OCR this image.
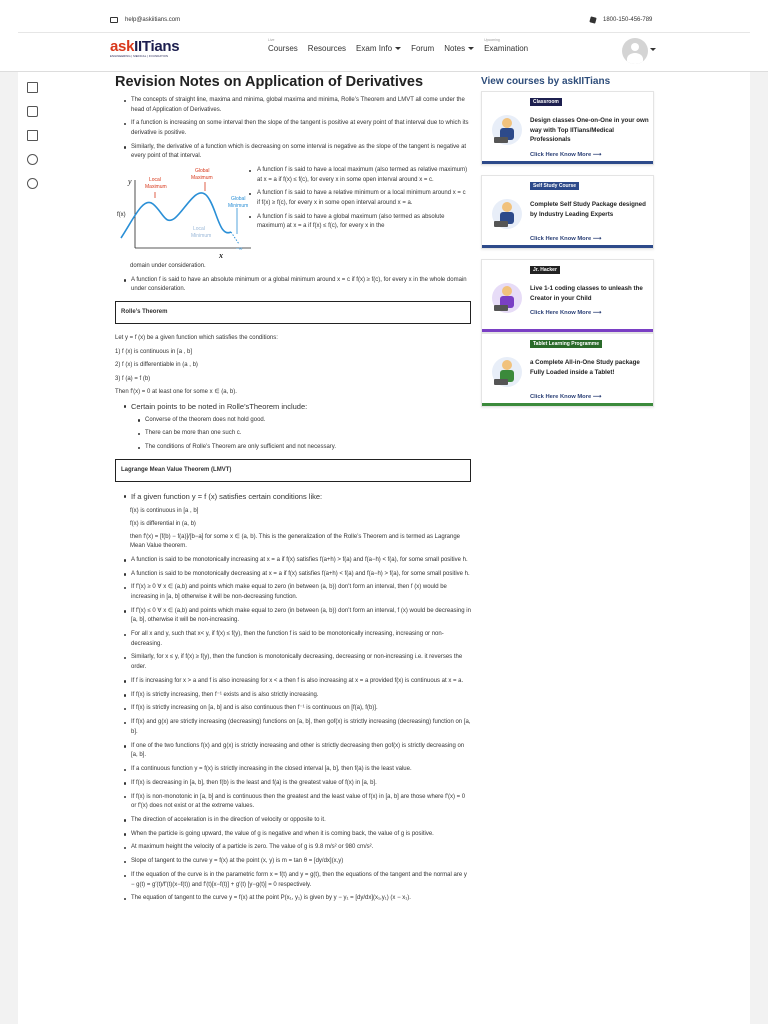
help@askiitians.com	1800-150-456-789
askIITians
ENGINEERING | MEDICAL | FOUNDATION
Live
Courses Resources Exam Info Forum Notes
Upcoming
Examination
Revision Notes on Application of Derivatives
The concepts of straight line, maxima and minima, global maxima and minima, Rolle’s Theorem and LMVT all come under the head of Application of Derivatives.
If a function is increasing on some interval then the slope of the tangent is positive at every point of that interval due to which its derivative is positive.
Similarly, the derivative of a function which is decreasing on some interval is negative as the slope of the tangent is negative at every point of that interval.
y
x
f(x)
Local Maximum
Global Maximum
Global Minimum
Local Minimum
−∞
A function f is said to have a local maximum (also termed as relative maximum) at x = a if f(x) ≤ f(c), for every x in some open interval around x = c.
A function f is said to have a relative minimum or a local minimum around x = c if f(x) ≥ f(c), for every x in some open interval around x = a.
A function f is said to have a global maximum (also termed as absolute maximum) at x = a if f(x) ≤ f(c), for every x in the

domain under consideration.

A function f is said to have an absolute minimum or a global minimum around x = c if f(x) ≥ f(c), for every x in the whole domain under consideration.
Rolle’s Theorem

Let y = f (x) be a given function which satisfies the conditions:

1) f (x) is continuous in [a , b]

2) f (x) is differentiable in (a , b)

3) f (a) = f (b)

Then f′(x) = 0 at least one for some x ∈ (a, b).

Certain points to be noted in Rolle’sTheorem include:
Converse of the theorem does not hold good.
There can be more than one such c.
The conditions of Rolle’s Theorem are only sufficient and not necessary.
Lagrange Mean Value Theorem (LMVT)
If a given function y = f (x) satisfies certain conditions like:

f(x) is continuous in [a , b]

f(x) is differential in (a, b)

then f′(x) = [f(b) − f(a)]/[b−a] for some x ∈ (a, b). This is the generalization of the Rolle’s Theorem and is termed as Lagrange Mean Value theorem.

A function is said to be monotonically increasing at x = a if f(x) satisfies f(a+h) > f(a) and f(a−h) < f(a), for some small positive h.
A function is said to be monotonically decreasing at x = a if f(x) satisfies f(a+h) < f(a) and f(a−h) > f(a), for some small positive h.
If f′(x) ≥ 0 ∀ x ∈ (a,b) and points which make equal to zero (in between (a, b)) don’t form an interval, then f (x) would be increasing in [a, b] otherwise it will be non-decreasing function.
If f′(x) ≤ 0 ∀ x ∈ (a,b) and points which make equal to zero (in between (a, b)) don’t form an interval, f (x) would be decreasing in [a, b], otherwise it will be non-increasing.
For all x and y, such that x< y, if f(x) ≤ f(y), then the function f is said to be monotonically increasing, increasing or non-decreasing.
Similarly, for x ≤ y, if f(x) ≥ f(y), then the function is monotonically decreasing, decreasing or non-increasing i.e. it reverses the order.
If f is increasing for x > a and f is also increasing for x < a then f is also increasing at x = a provided f(x) is continuous at x = a.
If f(x) is strictly increasing, then f⁻¹ exists and is also strictly increasing.
If f(x) is strictly increasing on [a, b] and is also continuous then f⁻¹ is continuous on [f(a), f(b)].
If f(x) and g(x) are strictly increasing (decreasing) functions on [a, b], then gof(x) is strictly increasing (decreasing) function on [a, b].
If one of the two functions f(x) and g(x) is strictly increasing and other is strictly decreasing then gof(x) is strictly decreasing on [a, b].
If a continuous function y = f(x) is strictly increasing in the closed interval [a, b], then f(a) is the least value.
If f(x) is decreasing in [a, b], then f(b) is the least and f(a) is the greatest value of f(x) in [a, b].
If f(x) is non-monotonic in [a, b] and is continuous then the greatest and the least value of f(x) in [a, b] are those where f′(x) = 0 or f′(x) does not exist or at the extreme values.
The direction of acceleration is in the direction of velocity or opposite to it.
When the particle is going upward, the value of g is negative and when it is coming back, the value of g is positive.
At maximum height the velocity of a particle is zero. The value of g is 9.8 m/s² or 980 cm/s².
Slope of tangent to the curve y = f(x) at the point (x, y) is m = tan θ = [dy/dx](x,y)
If the equation of the curve is in the parametric form x = f(t) and y = g(t), then the equations of the tangent and the normal are y − g(t) = g′(t)/f′(t)(x−f(t)) and f′(t)[x−f(t)] + g′(t) [y−g(t)] = 0 respectively.
The equation of tangent to the curve y = f(x) at the point P(x₁, y₁) is given by y − y₁ = [dy/dx](x₁,y₁) (x − x₁).
View courses by askIITians
Classroom
Design classes One-on-One in your own way with Top IITians/Medical Professionals
Click Here Know More ⟶
Self Study Course
Complete Self Study Package designed by Industry Leading Experts
Click Here Know More ⟶
Jr. Hacker
Live 1-1 coding classes to unleash the Creator in your Child
Click Here Know More ⟶
Tablet Learning Programme
a Complete All-in-One Study package Fully Loaded inside a Tablet!
Click Here Know More ⟶
